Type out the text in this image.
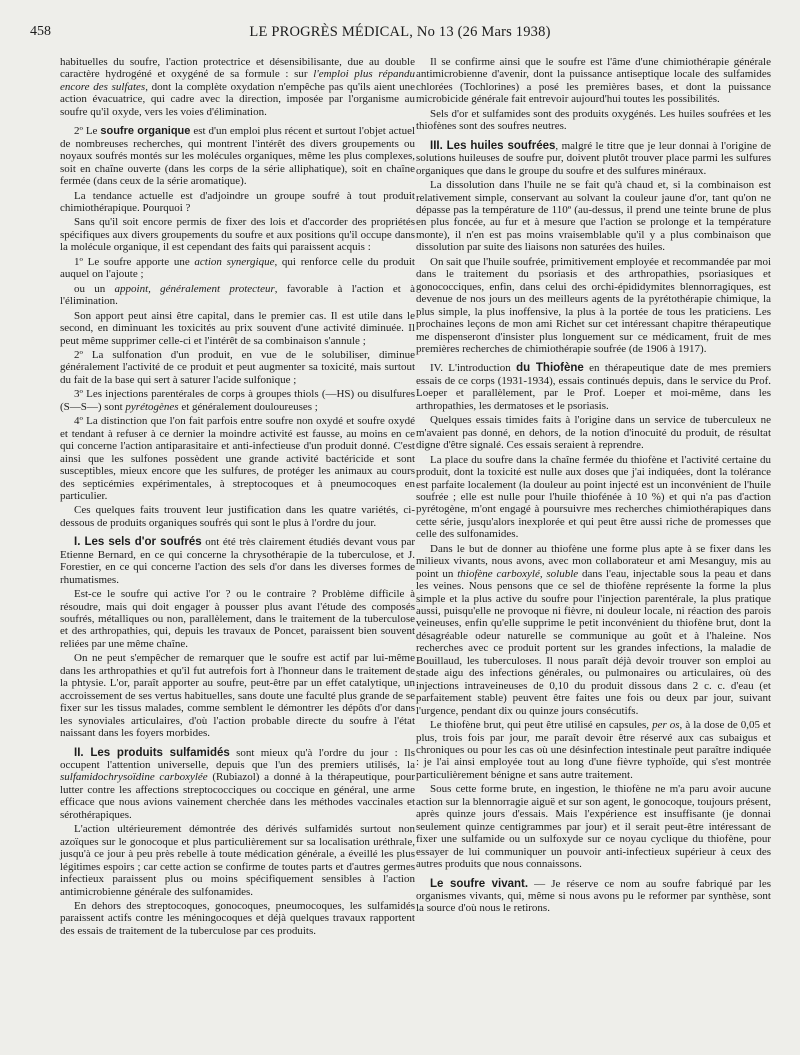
458	LE PROGRÈS MÉDICAL, No 13 (26 Mars 1938)

habituelles du soufre, l'action protectrice et désensibilisante, due au double caractère hydrogéné et oxygéné de sa formule : sur l'emploi plus répandu encore des sulfates, dont la complète oxydation n'empêche pas qu'ils aient une action évacuatrice, qui cadre avec la direction, imposée par l'organisme au soufre qu'il oxyde, vers les voies d'élimination.

2º Le soufre organique est d'un emploi plus récent et surtout l'objet actuel de nombreuses recherches, qui montrent l'intérêt des divers groupements ou noyaux soufrés montés sur les molécules organiques, même les plus complexes, soit en chaîne ouverte (dans les corps de la série alliphatique), soit en chaîne fermée (dans ceux de la série aromatique).

La tendance actuelle est d'adjoindre un groupe soufré à tout produit chimiothérapique. Pourquoi ?

Sans qu'il soit encore permis de fixer des lois et d'accorder des propriétés spécifiques aux divers groupements du soufre et aux positions qu'il occupe dans la molécule organique, il est cependant des faits qui paraissent acquis :

1º Le soufre apporte une action synergique, qui renforce celle du produit auquel on l'ajoute ;

ou un appoint, généralement protecteur, favorable à l'action et à l'élimination.

Son apport peut ainsi être capital, dans le premier cas. Il est utile dans le second, en diminuant les toxicités au prix souvent d'une activité diminuée. Il peut même supprimer celle-ci et l'intérêt de sa combinaison s'annule ;

2º La sulfonation d'un produit, en vue de le solubiliser, diminue généralement l'activité de ce produit et peut augmenter sa toxicité, mais surtout du fait de la base qui sert à saturer l'acide sulfonique ;

3º Les injections parentérales de corps à groupes thiols (—HS) ou disulfures (S—S—) sont pyrétogènes et généralement douloureuses ;

4º La distinction que l'on fait parfois entre soufre non oxydé et soufre oxydé et tendant à refuser à ce dernier la moindre activité est fausse, au moins en ce qui concerne l'action antiparasitaire et anti-infectieuse d'un produit donné. C'est ainsi que les sulfones possèdent une grande activité bactéricide et sont susceptibles, mieux encore que les sulfures, de protéger les animaux au cours des septicémies expérimentales, à streptocoques et à pneumocoques en particulier.

Ces quelques faits trouvent leur justification dans les quatre variétés, ci-dessous de produits organiques soufrés qui sont le plus à l'ordre du jour.

I. Les sels d'or soufrés ont été très clairement étudiés devant vous par Etienne Bernard, en ce qui concerne la chrysothérapie de la tuberculose, et J. Forestier, en ce qui concerne l'action des sels d'or dans les diverses formes de rhumatismes.

Est-ce le soufre qui active l'or ? ou le contraire ? Problème difficile à résoudre, mais qui doit engager à pousser plus avant l'étude des composés soufrés, métalliques ou non, parallèlement, dans le traitement de la tuberculose et des arthropathies, qui, depuis les travaux de Poncet, paraissent bien souvent reliées par une même chaîne.

On ne peut s'empêcher de remarquer que le soufre est actif par lui-même dans les arthropathies et qu'il fut autrefois fort à l'honneur dans le traitement de la phtysie. L'or, paraît apporter au soufre, peut-être par un effet catalytique, un accroissement de ses vertus habituelles, sans doute une faculté plus grande de se fixer sur les tissus malades, comme semblent le démontrer les dépôts d'or dans les synoviales articulaires, d'où l'action probable directe du soufre à l'état naissant dans les foyers morbides.

II. Les produits sulfamidés sont mieux qu'à l'ordre du jour : Ils occupent l'attention universelle, depuis que l'un des premiers utilisés, la sulfamidochrysoïdine carboxylée (Rubiazol) a donné à la thérapeutique, pour lutter contre les affections streptococciques ou coccique en général, une arme efficace que nous avions vainement cherchée dans les méthodes vaccinales et sérothérapiques.

L'action ultérieurement démontrée des dérivés sulfamidés surtout non azoïques sur le gonocoque et plus particulièrement sur sa localisation uréthrale, jusqu'à ce jour à peu près rebelle à toute médication générale, a éveillé les plus légitimes espoirs ; car cette action se confirme de toutes parts et d'autres germes infectieux paraissent plus ou moins spécifiquement sensibles à l'action antimicrobienne générale des sulfonamides.

En dehors des streptocoques, gonocoques, pneumocoques, les sulfamidés paraissent actifs contre les méningocoques et déjà quelques travaux rapportent des essais de traitement de la tuberculose par ces produits.

Il se confirme ainsi que le soufre est l'âme d'une chimiothérapie générale antimicrobienne d'avenir, dont la puissance antiseptique locale des sulfamides chlorées (Tochlorines) a posé les premières bases, et dont la puissance microbicide générale fait entrevoir aujourd'hui toutes les possibilités.

Sels d'or et sulfamides sont des produits oxygénés. Les huiles soufrées et les thiofènes sont des soufres neutres.

III. Les huiles soufrées, malgré le titre que je leur donnai à l'origine de solutions huileuses de soufre pur, doivent plutôt trouver place parmi les sulfures organiques que dans le groupe du soufre et des sulfures minéraux.

La dissolution dans l'huile ne se fait qu'à chaud et, si la combinaison est relativement simple, conservant au solvant la couleur jaune d'or, tant qu'on ne dépasse pas la température de 110º (au-dessus, il prend une teinte brune de plus en plus foncée, au fur et à mesure que l'action se prolonge et la température monte), il n'en est pas moins vraisemblable qu'il y a plus combinaison que dissolution par suite des liaisons non saturées des huiles.

On sait que l'huile soufrée, primitivement employée et recommandée par moi dans le traitement du psoriasis et des arthropathies, psoriasiques et gonococciques, enfin, dans celui des orchi-épididymites blennorragiques, est devenue de nos jours un des meilleurs agents de la pyrétothérapie chimique, la plus simple, la plus inoffensive, la plus à la portée de tous les praticiens. Les prochaines leçons de mon ami Richet sur cet intéressant chapitre thérapeutique me dispenseront d'insister plus longuement sur ce médicament, fruit de mes premières recherches de chimiothérapie soufrée (de 1906 à 1917).

IV. L'introduction du Thiofène en thérapeutique date de mes premiers essais de ce corps (1931-1934), essais continués depuis, dans le service du Prof. Loeper et parallèlement, par le Prof. Loeper et moi-même, dans les arthropathies, les dermatoses et le psoriasis.

Quelques essais timides faits à l'origine dans un service de tuberculeux ne m'avaient pas donné, en dehors, de la notion d'inocuité du produit, de résultat digne d'être signalé. Ces essais seraient à reprendre.

La place du soufre dans la chaîne fermée du thiofène et l'activité certaine du produit, dont la toxicité est nulle aux doses que j'ai indiquées, dont la tolérance est parfaite localement (la douleur au point injecté est un inconvénient de l'huile soufrée ; elle est nulle pour l'huile thiofénée à 10 %) et qui n'a pas d'action pyrétogène, m'ont engagé à poursuivre mes recherches chimiothérapiques dans cette série, jusqu'alors inexplorée et qui peut être aussi riche de promesses que celle des sulfonamides.

Dans le but de donner au thiofène une forme plus apte à se fixer dans les milieux vivants, nous avons, avec mon collaborateur et ami Mesanguy, mis au point un thiofène carboxylé, soluble dans l'eau, injectable sous la peau et dans les veines. Nous pensons que ce sel de thiofène représente la forme la plus simple et la plus active du soufre pour l'injection parentérale, la plus pratique aussi, puisqu'elle ne provoque ni fièvre, ni douleur locale, ni réaction des parois veineuses, enfin qu'elle supprime le petit inconvénient du thiofène brut, dont la désagréable odeur naturelle se communique au goût et à l'haleine. Nos recherches avec ce produit portent sur les grandes infections, la maladie de Bouillaud, les tuberculoses. Il nous paraît déjà devoir trouver son emploi au stade aigu des infections générales, ou pulmonaires ou articulaires, où des injections intraveineuses de 0,10 du produit dissous dans 2 c. c. d'eau (et parfaitement stable) peuvent être faites une fois ou deux par jour, suivant l'urgence, pendant dix ou quinze jours consécutifs.

Le thiofène brut, qui peut être utilisé en capsules, per os, à la dose de 0,05 et plus, trois fois par jour, me paraît devoir être réservé aux cas subaigus et chroniques ou pour les cas où une désinfection intestinale peut paraître indiquée : je l'ai ainsi employée tout au long d'une fièvre typhoïde, qui s'est montrée particulièrement bénigne et sans autre traitement.

Sous cette forme brute, en ingestion, le thiofène ne m'a paru avoir aucune action sur la blennorragie aiguë et sur son agent, le gonocoque, toujours présent, après quinze jours d'essais. Mais l'expérience est insuffisante (je donnai seulement quinze centigrammes par jour) et il serait peut-être intéressant de fixer une sulfamide ou un sulfoxyde sur ce noyau cyclique du thiofène, pour essayer de lui communiquer un pouvoir anti-infectieux supérieur à ceux des autres produits que nous connaissons.

Le soufre vivant. — Je réserve ce nom au soufre fabriqué par les organismes vivants, qui, même si nous avons pu le reformer par synthèse, sont la source d'où nous le retirons.
